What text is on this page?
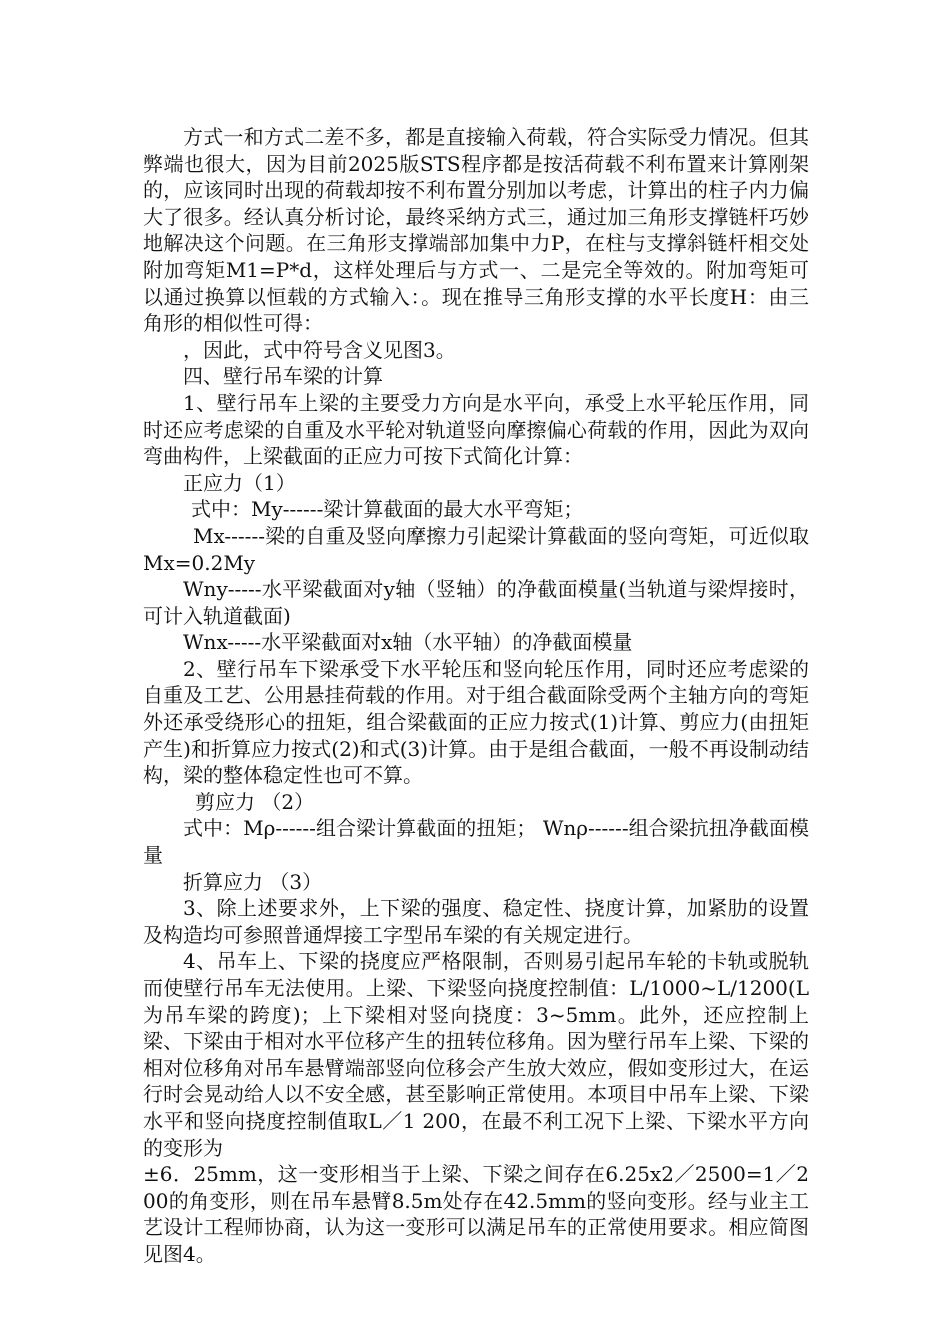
方式一和方式二差不多，都是直接输入荷载，符合实际受力情况。但其弊端也很大，因为目前2025版STS程序都是按活荷载不利布置来计算刚架的，应该同时出现的荷载却按不利布置分别加以考虑，计算出的柱子内力偏大了很多。经认真分析讨论，最终采纳方式三，通过加三角形支撑链杆巧妙地解决这个问题。在三角形支撑端部加集中力P，在柱与支撑斜链杆相交处附加弯矩M1=P*d，这样处理后与方式一、二是完全等效的。附加弯矩可以通过换算以恒载的方式输入：。现在推导三角形支撑的水平长度H：由三角形的相似性可得：

，因此，式中符号含义见图3。

四、壁行吊车梁的计算

1、壁行吊车上梁的主要受力方向是水平向，承受上水平轮压作用，同时还应考虑梁的自重及水平轮对轨道竖向摩擦偏心荷载的作用，因此为双向弯曲构件，上梁截面的正应力可按下式简化计算：

正应力（1）

式中：My------梁计算截面的最大水平弯矩；

Mx------梁的自重及竖向摩擦力引起梁计算截面的竖向弯矩，可近似取Mx=0.2My

Wny-----水平梁截面对y轴（竖轴）的净截面模量(当轨道与梁焊接时，可计入轨道截面)

Wnx-----水平梁截面对x轴（水平轴）的净截面模量

2、壁行吊车下梁承受下水平轮压和竖向轮压作用，同时还应考虑梁的自重及工艺、公用悬挂荷载的作用。对于组合截面除受两个主轴方向的弯矩外还承受绕形心的扭矩，组合梁截面的正应力按式(1)计算、剪应力(由扭矩产生)和折算应力按式(2)和式(3)计算。由于是组合截面，一般不再设制动结构，梁的整体稳定性也可不算。

剪应力 （2）

式中：Mρ------组合梁计算截面的扭矩； Wnρ------组合梁抗扭净截面模量

折算应力 （3）

3、除上述要求外，上下梁的强度、稳定性、挠度计算，加紧肋的设置及构造均可参照普通焊接工字型吊车梁的有关规定进行。

4、吊车上、下梁的挠度应严格限制，否则易引起吊车轮的卡轨或脱轨而使壁行吊车无法使用。上梁、下梁竖向挠度控制值：L/1000~L/1200(L为吊车梁的跨度)；上下梁相对竖向挠度：3~5mm。此外，还应控制上梁、下梁由于相对水平位移产生的扭转位移角。因为壁行吊车上梁、下梁的相对位移角对吊车悬臂端部竖向位移会产生放大效应，假如变形过大，在运行时会晃动给人以不安全感，甚至影响正常使用。本项目中吊车上梁、下梁水平和竖向挠度控制值取L／1 200，在最不利工况下上梁、下梁水平方向的变形为

±6．25mm，这一变形相当于上梁、下梁之间存在6.25x2／2500=1／200的角变形，则在吊车悬臂8.5m处存在42.5mm的竖向变形。经与业主工艺设计工程师协商，认为这一变形可以满足吊车的正常使用要求。相应简图见图4。
